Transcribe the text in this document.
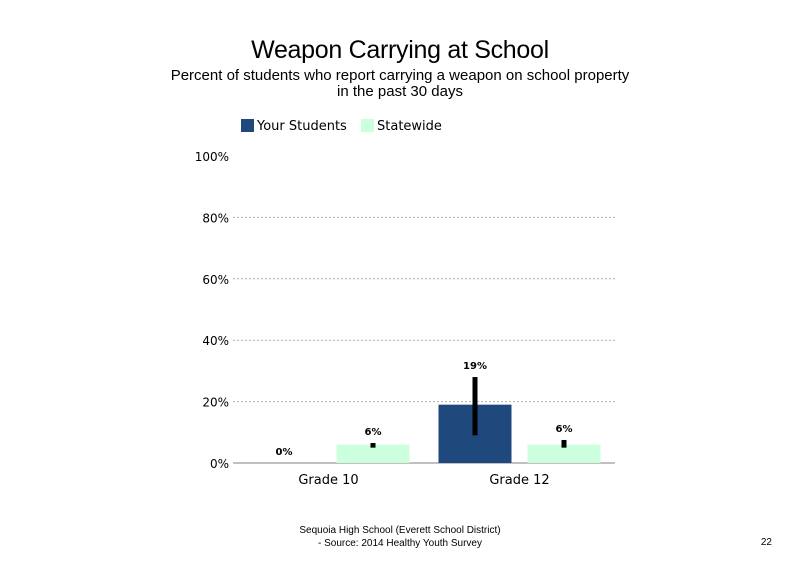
Weapon Carrying at School
Percent of students who report carrying a weapon on school property in the past 30 days
Your Students	Statewide
0%
20%
40%
60%
80%
100%
Grade 10
0%
6%
Grade 12
19%
6%
Sequoia High School (Everett School District)
- Source: 2014 Healthy Youth Survey	22
